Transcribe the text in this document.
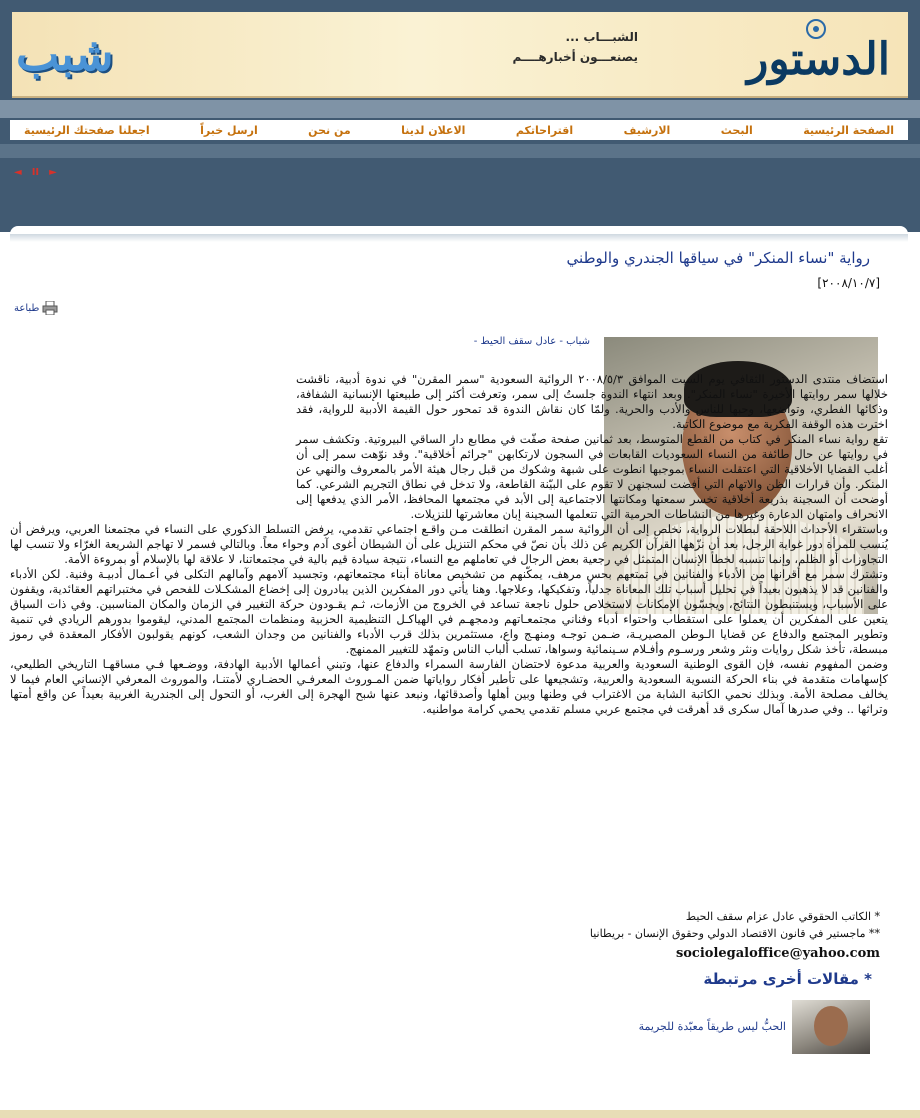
الدستور
الشبـــاب ...
يصنعـــون أخبارهــــم
شبب
الصفحة الرئيسية
البحث
الارشيف
اقتراحاتكم
الاعلان لدينا
من نحن
ارسل خبراً
اجعلنا صفحتك الرئيسية
◄ II ►
رواية "نساء المنكر" في سياقها الجندري والوطني
[٢٠٠٨/١٠/٧]
طباعة
شباب - عادل سقف الحيط -

استضاف منتدى الدستور الثقافي يوم السبت الموافق ٢٠٠٨/٥/٣ الروائية السعودية "سمر المقرن" في ندوة أدبية، ناقشت خلالها سمر روايتها الأخيرة "نساء المنكر". وبعد انتهاء الندوة جلستُ إلى سمر، وتعرفت أكثر إلى طبيعتها الإنسانية الشفافة، وذكائها الفطري، وتواضعها، وحبها للناس والأدب والحرية. ولمّا كان نقاش الندوة قد تمحور حول القيمة الأدبية للرواية، فقد اخترت هذه الوقفة الفكرية مع موضوع الكاتبة.

تقع رواية نساء المنكر في كتاب من القطع المتوسط، بعد ثمانين صفحة صفّت في مطابع دار الساقي البيروتية. وتكشف سمر في روايتها عن حال طائفة من النساء السعوديات القابعات في السجون لارتكابهن "جرائم أخلاقية". وقد نوّهت سمر إلى أن أغلب القضايا الأخلاقية التي اعتقلت النساء بموجبها انطوت على شبهة وشكوك من قبل رجال هيئة الأمر بالمعروف والنهي عن المنكر. وأن قرارات الظن والاتهام التي أفضت لسجنهن لا تقوم على البيّنة القاطعة، ولا تدخل في نطاق التجريم الشرعي. كما أوضحت أن السجينة بذريعة أخلاقية تخسر سمعتها ومكانتها الاجتماعية إلى الأبد في مجتمعها المحافظ، الأمر الذي يدفعها إلى الانحراف وامتهان الدعارة وغيرها من النشاطات الحرمية التي تتعلمها السجينة إبان معاشرتها للنزيلات.

وباستقراء الأحداث اللاحقة لبطلات الرواية، نخلص إلى أن الروائية سمر المقرن انطلقت مـن واقـع اجتماعي تقدمي، يرفض التسلط الذكوري على النساء في مجتمعنا العربي، ويرفض أن يُنسب للمرأة دور غواية الرجل، بعد أن نزّهها القرآن الكريم عن ذلك بأن نصّ في محكم التنزيل على أن الشيطان أغوى آدم وحواء معاً. وبالتالي فسمر لا تهاجم الشريعة الغرّاء ولا تنسب لها التجاوزات أو الظلم، وإنما تنسبه لخطأ الإنسان المتمثل في رجعية بعض الرجال في تعاملهم مع النساء، نتيجة سيادة قيم بالية في مجتمعاتنا، لا علاقة لها بالإسلام أو بمروءة الأمة.

وتشترك سمر مع أقرانها من الأدباء والفنانين في تمتعهم بحس مرهف، يمكّنهم من تشخيص معاناة أبناء مجتمعاتهم، وتجسيد آلامهم وآمالهم التكلى في أعـمال أدبيـة وفنية. لكن الأدباء والفنانين قد لا يذهبون بعيداً في تحليل أسباب تلك المعاناة جدلياً، وتفكيكها، وعلاجها. وهنا يأتي دور المفكرين الذين يبادرون إلى إخضاع المشكـلات للفحص في مختبراتهم العقائدية، ويقفون على الأسباب، ويستنبطون النتائج، ويجسّون الإمكانات لاستخلاص حلول ناجعة تساعد في الخروج من الأزمات، ثـم يقـودون حركة التغيير في الزمان والمكان المناسبين. وفي ذات السياق يتعين على المفكرين أن يعملوا على استقطاب واحتواء أدباء وفناني مجتمعـاتهم ودمجهـم في الهياكـل التنظيمية الحزبية ومنظمات المجتمع المدني، ليقوموا بدورهم الريادي في تنمية وتطوير المجتمع والدفاع عن قضايا الـوطن المصيريـة، ضـمن توجـه ومنهـج واع، مستثمرين بذلك قرب الأدباء والفنانين من وجدان الشعب، كونهم يقولبون الأفكار المعقدة في رموز مبسطة، تأخذ شكل روايات ونثر وشعر ورسـوم وأفـلام سـينمائية وسواها، تسلب ألباب الناس وتمهّد للتغيير الممنهج.

وضمن المفهوم نفسه، فإن القوى الوطنية السعودية والعربية مدعوة لاحتضان الفارسة السمراء والدفاع عنها، وتبني أعمالها الأدبية الهادفة، ووضـعها فـي مساقهـا التاريخي الطليعي، كإسهامات متقدمة في بناء الحركة النسوية السعودية والعربية، وتشجيعها على تأطير أفكار رواياتها ضمن المـوروث المعرفـي الحضـاري لأمتنـا، والموروث المعرفي الإنساني العام فيما لا يخالف مصلحة الأمة. وبذلك نحمي الكاتبة الشابة من الاغتراب في وطنها وبين أهلها وأصدقائها، ونبعد عنها شبح الهجرة إلى الغرب، أو التحول إلى الجندرية الغربية بعيداً عن واقع أمتها وتراثها .. وفي صدرها آمال سكرى قد أهرقت في مجتمع عربي مسلم تقدمي يحمي كرامة مواطنيه.

* الكاتب الحقوقي عادل عزام سقف الحيط
** ماجستير في قانون الاقتصاد الدولي وحقوق الإنسان - بريطانيا
sociolegaloffice@yahoo.com
* مقالات أخرى مرتبطة
الحبُّ ليس طريقاً معبّدة للجريمة
